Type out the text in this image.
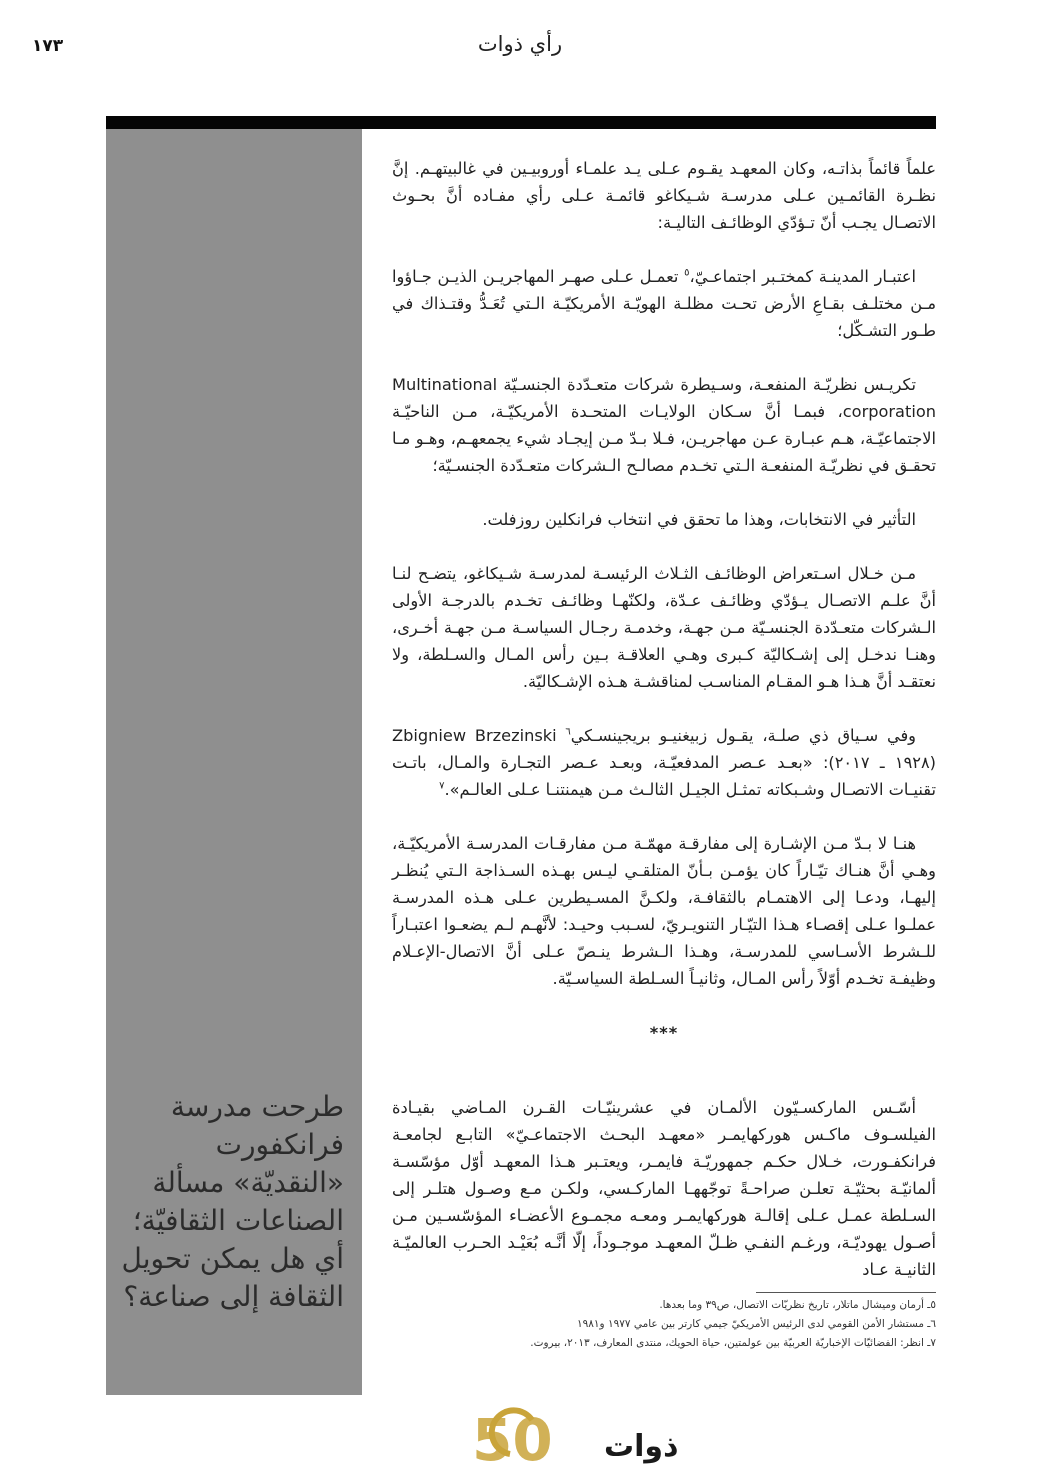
١٧٣	رأي ذوات
طرحت مدرسة فرانكفورت «النقديّة» مسألة الصناعات الثقافيّة؛ أي هل يمكن تحويل الثقافة إلى صناعة؟

علماً قائماً بذاتـه، وكان المعهـد يقـوم عـلى يـد علمـاء أوروبيـين في غالبيتهـم. إنَّ نظـرة القائمـين عـلى مدرسـة شـيكاغو قائمـة عـلى رأي مفـاده أنَّ بحـوث الاتصـال يجـب أنّ تـؤدّي الوظائـف التاليـة:

اعتبـار المدينـة كمختـبر اجتماعـيّ،$^٥$ تعمـل عـلى صهـر المهاجريـن الذيـن جـاؤوا مـن مختلـف بقـاعِ الأرض تحـت مظلـة الهويّـة الأمريكيّـة الـتي تُعَـدُّ وقتـذاك في طـور التشـكّل؛

تكريـس نظريّـة المنفعـة، وسـيطرة شركات متعـدّدة الجنسـيّة Multinational corporation، فبمـا أنَّ سـكان الولايـات المتحـدة الأمريكيّـة، مـن الناحيّـة الاجتماعيّـة، هـم عبـارة عـن مهاجريـن، فـلا بـدّ مـن إيجـاد شيء يجمعهـم، وهـو مـا تحقـق في نظريّـة المنفعـة الـتي تخـدم مصالـح الـشركات متعـدّدة الجنسـيّة؛

التأثير في الانتخابات، وهذا ما تحقق في انتخاب فرانكلين روزفلت.

مـن خـلال اسـتعراض الوظائـف الثـلاث الرئيسـة لمدرسـة شـيكاغو، يتضـح لنـا أنَّ علـم الاتصـال يـؤدّي وظائـف عـدّة، ولكنّهـا وظائـف تخـدم بالدرجـة الأولى الـشركات متعـدّدة الجنسـيّة مـن جهـة، وخدمـة رجـال السياسـة مـن جهـة أخـرى، وهنـا ندخـل إلى إشـكاليّة كـبرى وهـي العلاقـة بـين رأس المـال والسـلطة، ولا نعتقـد أنَّ هـذا هـو المقـام المناسـب لمناقشـة هـذه الإشـكاليّة.

وفي سـياق ذي صلـة، يقـول زبيغنيـو بريجينسـكي$^٦$ Zbigniew Brzezinski (١٩٢٨ ـ ٢٠١٧): «بعـد عـصر المدفعيّـة، وبعـد عـصر التجـارة والمـال، باتـت تقنيـات الاتصـال وشـبكاته تمثـل الجيـل الثالـث مـن هيمنتنـا عـلى العالـم».$^٧$

هنـا لا بـدّ مـن الإشـارة إلى مفارقـة مهمّـة مـن مفارقـات المدرسـة الأمريكيّـة، وهـي أنَّ هنـاك تيّـاراً كان يؤمـن بـأنّ المتلقـي ليـس بهـذه السـذاجة الـتي يُنظـر إليهـا، ودعـا إلى الاهتمـام بالثقافـة، ولكـنَّ المسـيطرين عـلى هـذه المدرسـة عملـوا عـلى إقصـاء هـذا التيّـار التنويـريّ، لسـبب وحيـد: لأنَّهـم لـم يضعـوا اعتبـاراً للـشرط الأسـاسي للمدرسـة، وهـذا الـشرط ينـصّ عـلى أنَّ الاتصال-الإعـلام وظيفـة تخـدم أوّلاً رأس المـال، وثانيـاً السـلطة السياسـيّة.

***

أسّـس الماركسـيّون الألمـان في عشرينيّـات القـرن المـاضي بقيـادة الفيلسـوف ماكـس هوركهايمـر «معهـد البحـث الاجتماعـيّ» التابـع لجامعـة فرانكفـورت، خـلال حكـم جمهوريّـة فايمـر، ويعتـبر هـذا المعهـد أوّل مؤسّسـة ألمانيّـة بحثيّـة تعلـن صراحـةً توجّههـا الماركـسي، ولكـن مـع وصـول هتلـر إلى السـلطة عمـل عـلى إقالـة هوركهايمـر ومعـه مجمـوع الأعضـاء المؤسّسـين مـن أصـول يهوديّـة، ورغـم النفـي ظـلّ المعهـد موجـوداً، إلّا أنَّـه بُعَيْـد الحـرب العالميّـة الثانيـة عـاد

٥ـ أرمان وميشال ماتلار، تاريخ نظريّات الاتصال، ص٣٩ وما بعدها.
٦ـ مستشار الأمن القومي لدى الرئيس الأمريكيّ جيمي كارتر بين عامي ١٩٧٧ و١٩٨١
٧ـ انظر: الفضائيّات الإخباريّة العربيّة بين عولمتين، حياة الحويك، منتدى المعارف، ٢٠١٣، بيروت.
50 ذوات
